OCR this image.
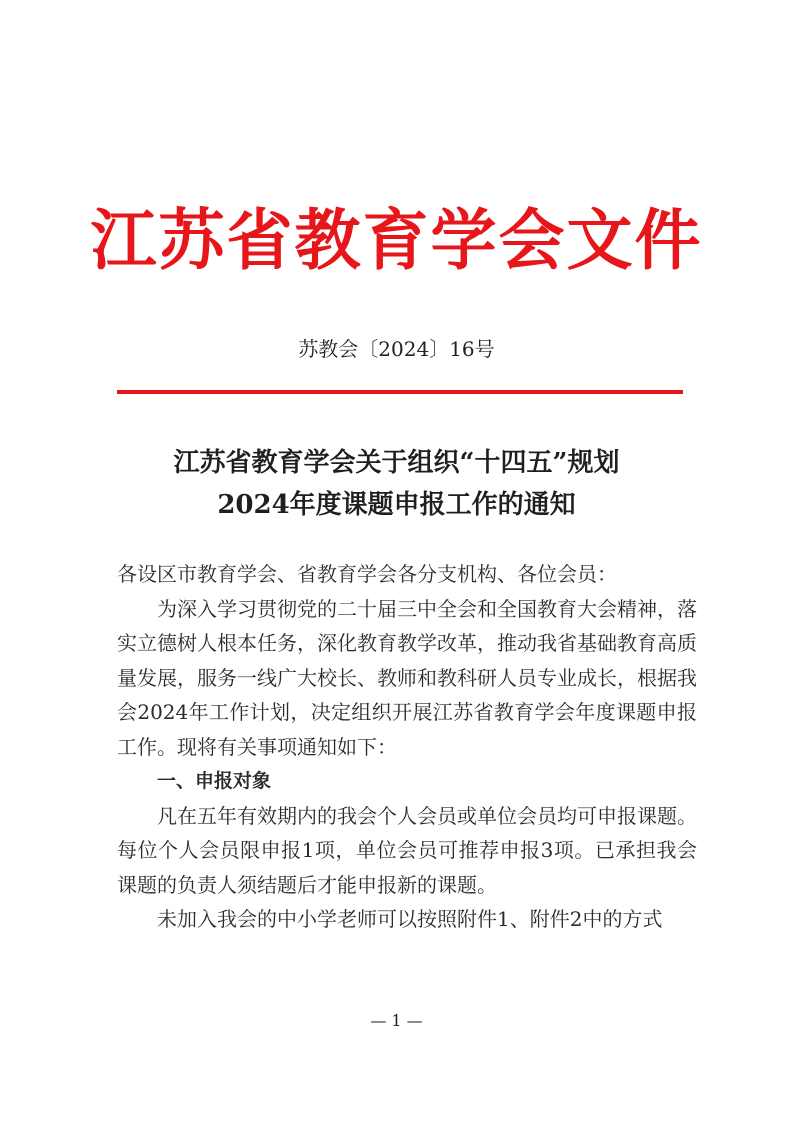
江苏省教育学会文件
苏教会〔2024〕16号
江苏省教育学会关于组织“十四五”规划
2024年度课题申报工作的通知

各设区市教育学会、省教育学会各分支机构、各位会员：

为深入学习贯彻党的二十届三中全会和全国教育大会精神，落实立德树人根本任务，深化教育教学改革，推动我省基础教育高质量发展，服务一线广大校长、教师和教科研人员专业成长，根据我会2024年工作计划，决定组织开展江苏省教育学会年度课题申报工作。现将有关事项通知如下：

一、申报对象

凡在五年有效期内的我会个人会员或单位会员均可申报课题。每位个人会员限申报1项，单位会员可推荐申报3项。已承担我会课题的负责人须结题后才能申报新的课题。

未加入我会的中小学老师可以按照附件1、附件2中的方式

— 1 —
